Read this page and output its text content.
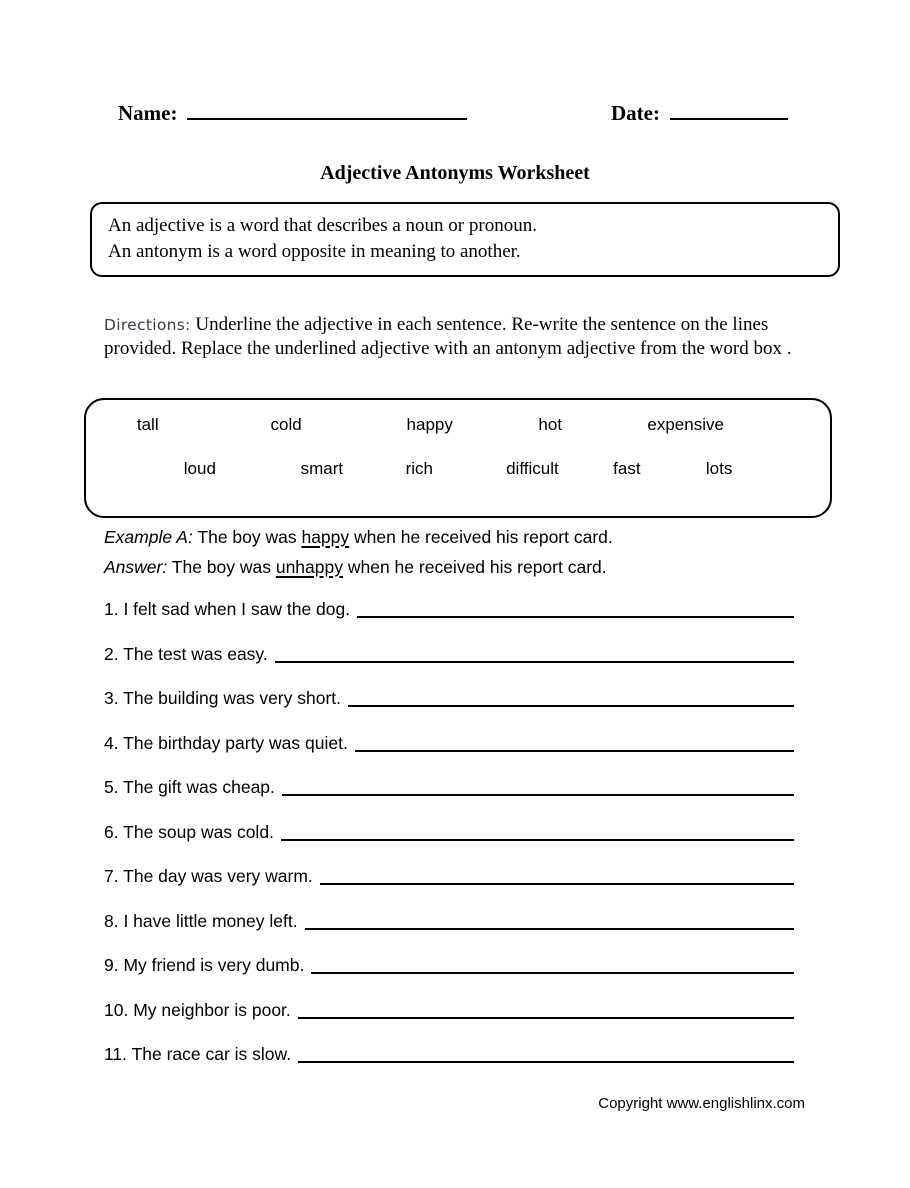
Name:	Date:
Adjective Antonyms Worksheet
An adjective is a word that describes a noun or pronoun.
An antonym is a word opposite in meaning to another.

Directions: Underline the adjective in each sentence. Re-write the sentence on the lines provided. Replace the underlined adjective with an antonym adjective from the word box .

tall	cold	happy	hot	expensive
loud	smart	rich	difficult	fast	lots
Example A: The boy was happy when he received his report card.
Answer: The boy was unhappy when he received his report card.
1. I felt sad when I saw the dog.
2. The test was easy.
3. The building was very short.
4. The birthday party was quiet.
5. The gift was cheap.
6. The soup was cold.
7. The day was very warm.
8. I have little money left.
9. My friend is very dumb.
10. My neighbor is poor.
11. The race car is slow.
Copyright www.englishlinx.com
